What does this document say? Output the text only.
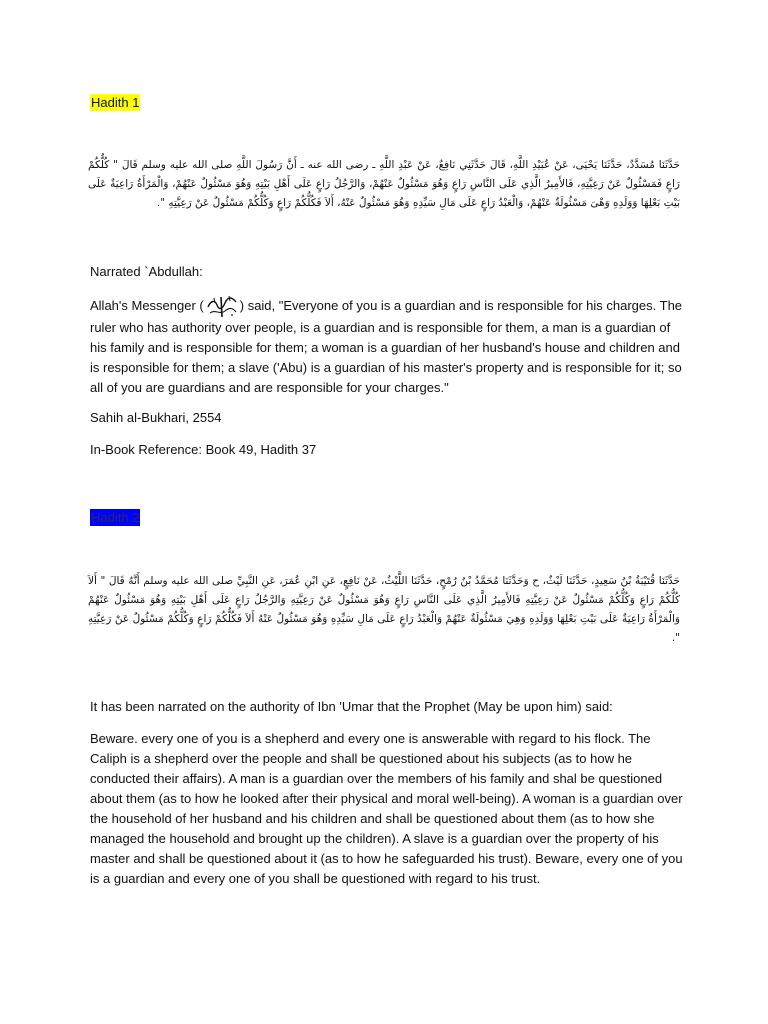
Hadith 1
حَدَّثَنَا مُسَدَّدٌ، حَدَّثَنَا يَحْيَى، عَنْ عُبَيْدِ اللَّهِ، قَالَ حَدَّثَنِي نَافِعٌ، عَنْ عَبْدِ اللَّهِ ـ رضى الله عنه ـ أَنَّ رَسُولَ اللَّهِ صلى الله عليه وسلم قَالَ " كُلُّكُمْ رَاعٍ فَمَسْئُولٌ عَنْ رَعِيَّتِهِ، فَالأَمِيرُ الَّذِي عَلَى النَّاسِ رَاعٍ وَهُوَ مَسْئُولٌ عَنْهُمْ، وَالرَّجُلُ رَاعٍ عَلَى أَهْلِ بَيْتِهِ وَهُوَ مَسْئُولٌ عَنْهُمْ، وَالْمَرْأَةُ رَاعِيَةٌ عَلَى بَيْتِ بَعْلِهَا وَوَلَدِهِ وَهْىَ مَسْئُولَةٌ عَنْهُمْ، وَالْعَبْدُ رَاعٍ عَلَى مَالِ سَيِّدِهِ وَهُوَ مَسْئُولٌ عَنْهُ، أَلاَ فَكُلُّكُمْ رَاعٍ وَكُلُّكُمْ مَسْئُولٌ عَنْ رَعِيَّتِهِ ".
Narrated `Abdullah:
Allah's Messenger (	) said, "Everyone of you is a guardian and is responsible for his charges. The ruler who has authority over people, is a guardian and is responsible for them, a man is a guardian of his family and is responsible for them; a woman is a guardian of her husband's house and children and is responsible for them; a slave ('Abu) is a guardian of his master's property and is responsible for it; so all of you are guardians and are responsible for your charges."
Sahih al-Bukhari, 2554
In-Book Reference: Book 49, Hadith 37
Hadith 2
حَدَّثَنَا قُتَيْبَةُ بْنُ سَعِيدٍ، حَدَّثَنَا لَيْثٌ، ح وَحَدَّثَنَا مُحَمَّدُ بْنُ رُمْحٍ، حَدَّثَنَا اللَّيْثُ، عَنْ نَافِعٍ، عَنِ ابْنِ عُمَرَ، عَنِ النَّبِيِّ صلى الله عليه وسلم أَنَّهُ قَالَ " أَلاَ كُلُّكُمْ رَاعٍ وَكُلُّكُمْ مَسْئُولٌ عَنْ رَعِيَّتِهِ فَالأَمِيرُ الَّذِي عَلَى النَّاسِ رَاعٍ وَهُوَ مَسْئُولٌ عَنْ رَعِيَّتِهِ وَالرَّجُلُ رَاعٍ عَلَى أَهْلِ بَيْتِهِ وَهُوَ مَسْئُولٌ عَنْهُمْ وَالْمَرْأَةُ رَاعِيَةٌ عَلَى بَيْتِ بَعْلِهَا وَوَلَدِهِ وَهِيَ مَسْئُولَةٌ عَنْهُمْ وَالْعَبْدُ رَاعٍ عَلَى مَالِ سَيِّدِهِ وَهُوَ مَسْئُولٌ عَنْهُ أَلاَ فَكُلُّكُمْ رَاعٍ وَكُلُّكُمْ مَسْئُولٌ عَنْ رَعِيَّتِهِ ".
It has been narrated on the authority of Ibn 'Umar that the Prophet (May be upon him) said:
Beware. every one of you is a shepherd and every one is answerable with regard to his flock. The Caliph is a shepherd over the people and shall be questioned about his subjects (as to how he conducted their affairs). A man is a guardian over the members of his family and shal be questioned about them (as to how he looked after their physical and moral well-being). A woman is a guardian over the household of her husband and his children and shall be questioned about them (as to how she managed the household and brought up the children). A slave is a guardian over the property of his master and shall be questioned about it (as to how he safeguarded his trust). Beware, every one of you is a guardian and every one of you shall be questioned with regard to his trust.
